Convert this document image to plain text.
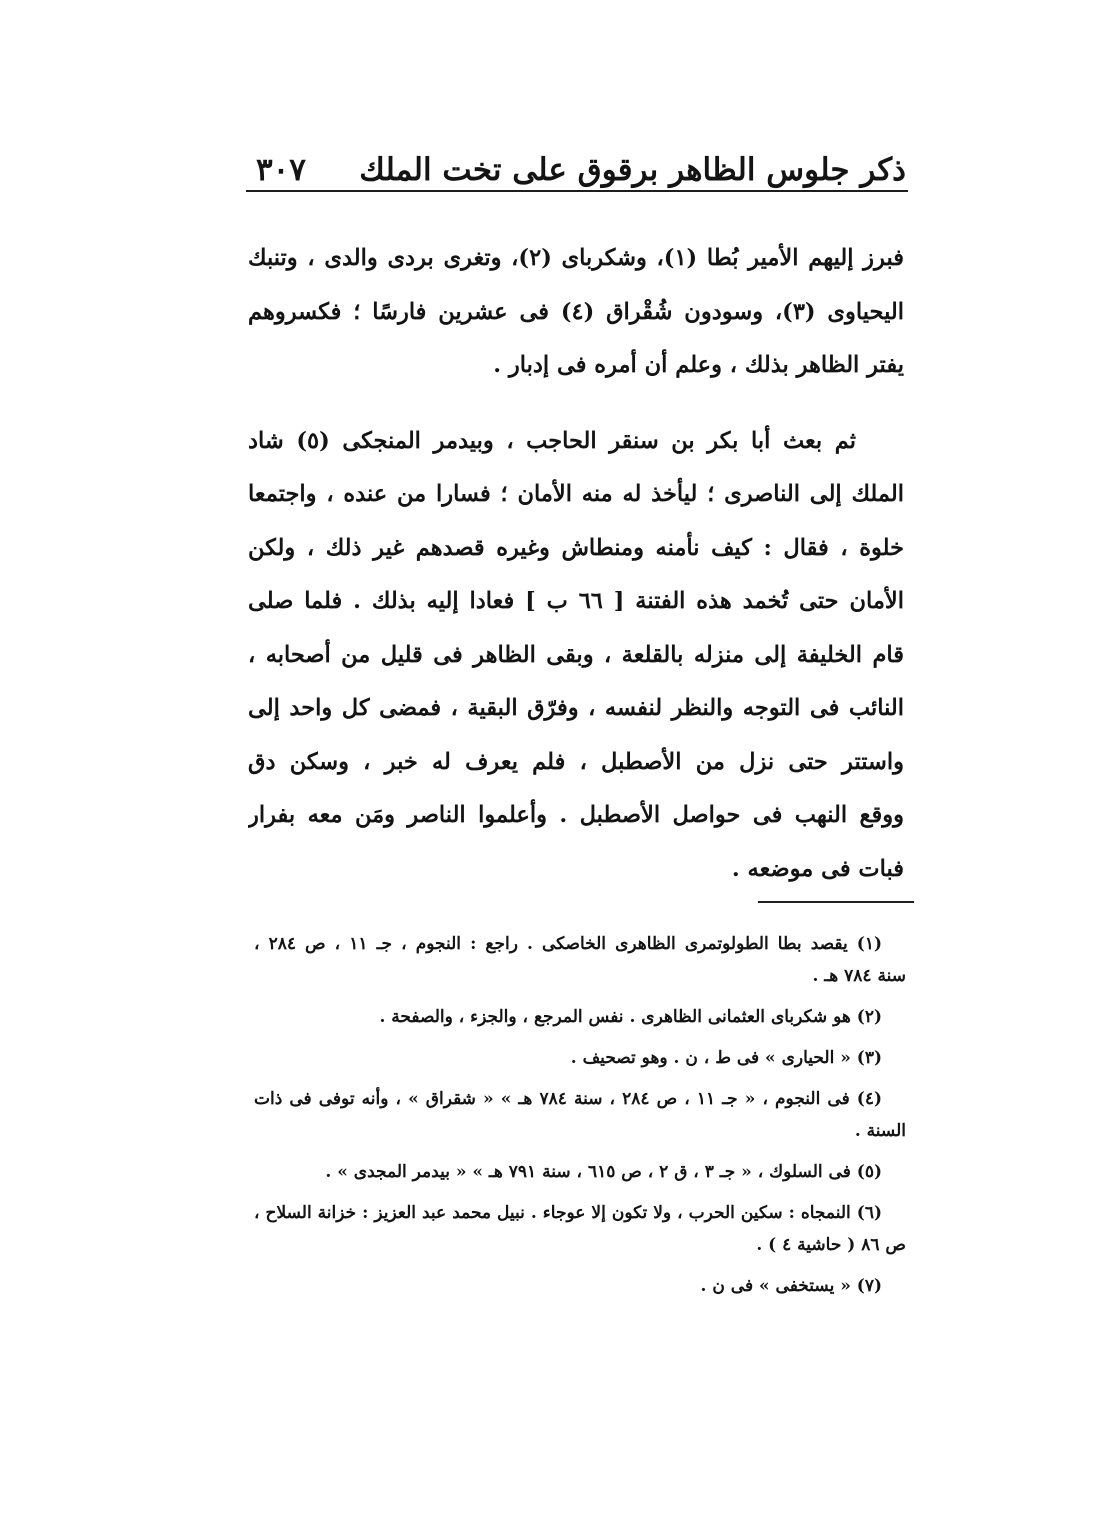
ذكر جلوس الظاهر برقوق على تخت الملك
٣٠٧
فبرز إليهم الأمير بُطا (١)، وشكربای (٢)، وتغرى بردى والدى ، وتنبك
اليحياوى (٣)، وسودون شُقْراق (٤) فى عشرين فارسًا ؛ فكسروهم
يفتر الظاهر بذلك ، وعلم أن أمره فى إدبار .
ثم بعث أبا بكر بن سنقر الحاجب ، وبيدمر المنجكى (٥) شاد
الملك إلى الناصرى ؛ ليأخذ له منه الأمان ؛ فسارا من عنده ، واجتمعا
خلوة ، فقال : كيف نأمنه ومنطاش وغيره قصدهم غير ذلك ، ولكن
الأمان حتى تُخمد هذه الفتنة [ ٦٦ ب ] فعادا إليه بذلك . فلما صلى
قام الخليفة إلى منزله بالقلعة ، وبقى الظاهر فى قليل من أصحابه ،
النائب فى التوجه والنظر لنفسه ، وفرّق البقية ، فمضى كل واحد إلى
واستتر حتى نزل من الأصطبل ، فلم يعرف له خبر ، وسكن دق
ووقع النهب فى حواصل الأصطبل . وأعلموا الناصر ومَن معه بفرار
فبات فى موضعه .
(١) يقصد بطا الطولوتمرى الظاهرى الخاصكى . راجع : النجوم ، جـ ١١ ، ص ٢٨٤ ،
سنة ٧٨٤ هـ .
(٢) هو شكربای العثمانى الظاهرى . نفس المرجع ، والجزء ، والصفحة .
(٣) « الحيارى » فى ط ، ن . وهو تصحيف .
(٤) فى النجوم ، « جـ ١١ ، ص ٢٨٤ ، سنة ٧٨٤ هـ » « شقراق » ، وأنه توفى فى ذات
السنة .
(٥) فى السلوك ، « جـ ٣ ، ق ٢ ، ص ٦١٥ ، سنة ٧٩١ هـ » « بيدمر المجدى » .
(٦) النمجاه : سكين الحرب ، ولا تكون إلا عوجاء . نبيل محمد عبد العزيز : خزانة السلاح ،
ص ٨٦ ( حاشية ٤ ) .
(٧) « يستخفى » فى ن .
